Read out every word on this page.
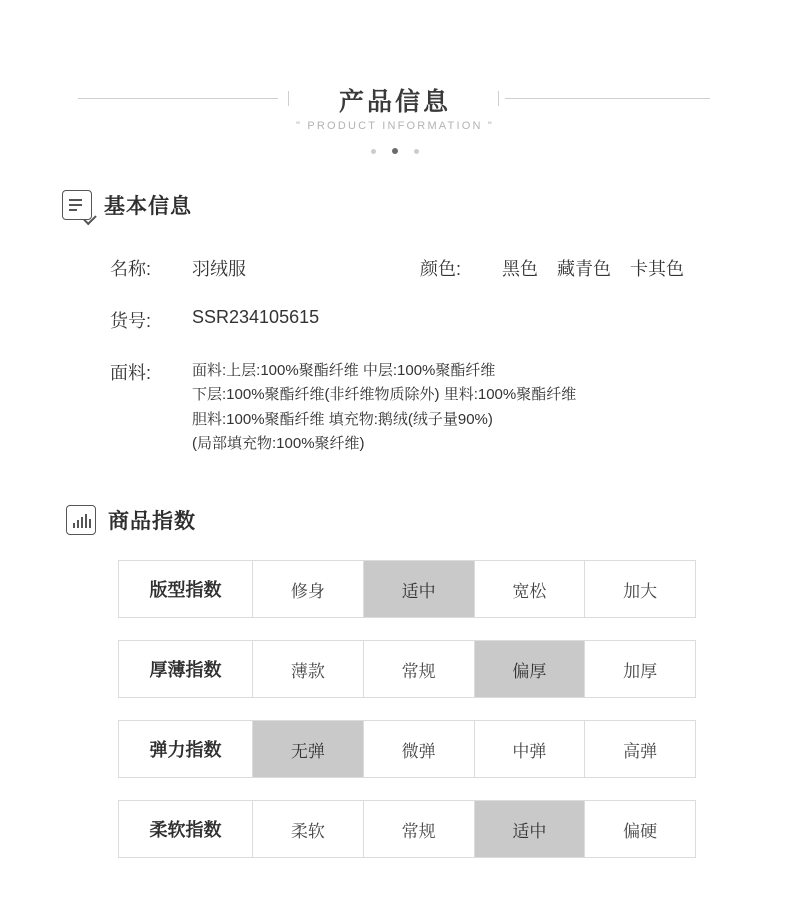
产品信息
" PRODUCT INFORMATION "

基本信息
名称:	羽绒服	颜色:	黑色 藏青色 卡其色
货号:	SSR234105615
面料:	面料:上层:100%聚酯纤维 中层:100%聚酯纤维
下层:100%聚酯纤维(非纤维物质除外) 里料:100%聚酯纤维
胆料:100%聚酯纤维 填充物:鹅绒(绒子量90%)
(局部填充物:100%聚纤维)
商品指数
版型指数	修身	适中	宽松	加大
厚薄指数	薄款	常规	偏厚	加厚
弹力指数	无弹	微弹	中弹	高弹
柔软指数	柔软	常规	适中	偏硬
